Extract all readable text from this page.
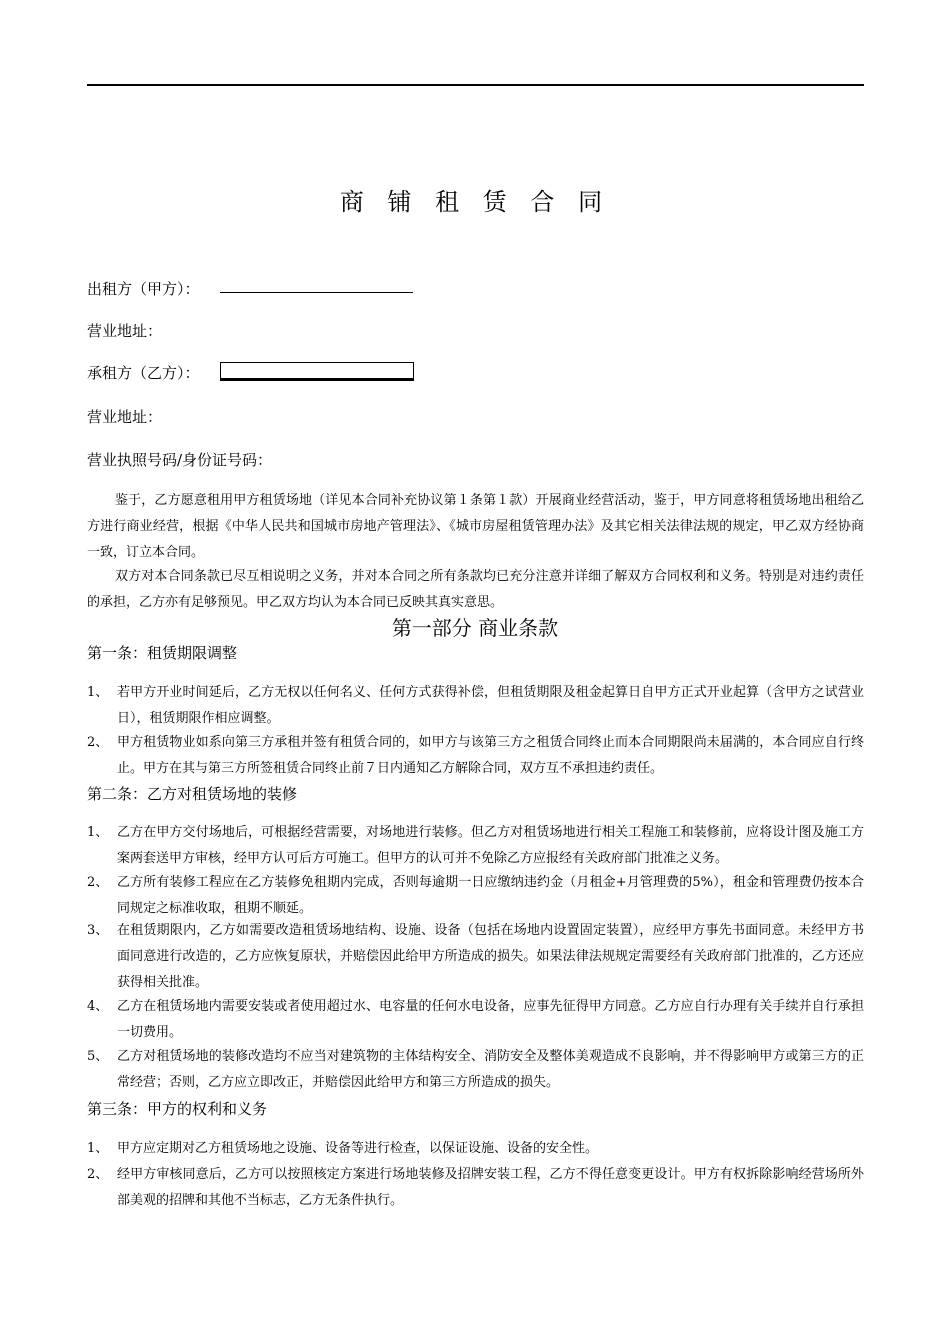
商 铺 租 赁 合 同
出租方（甲方）：
营业地址：
承租方（乙方）：
营业地址：
营业执照号码/身份证号码：

鉴于，乙方愿意租用甲方租赁场地（详见本合同补充协议第１条第１款）开展商业经营活动，鉴于，甲方同意将租赁场地出租给乙方进行商业经营，根据《中华人民共和国城市房地产管理法》、《城市房屋租赁管理办法》及其它相关法律法规的规定，甲乙双方经协商一致，订立本合同。

双方对本合同条款已尽互相说明之义务，并对本合同之所有条款均已充分注意并详细了解双方合同权利和义务。特别是对违约责任的承担，乙方亦有足够预见。甲乙双方均认为本合同已反映其真实意思。

第一部分 商业条款
第一条：租赁期限调整
1、 若甲方开业时间延后，乙方无权以任何名义、任何方式获得补偿，但租赁期限及租金起算日自甲方正式开业起算（含甲方之试营业日），租赁期限作相应调整。
2、 甲方租赁物业如系向第三方承租并签有租赁合同的，如甲方与该第三方之租赁合同终止而本合同期限尚未届满的，本合同应自行终止。甲方在其与第三方所签租赁合同终止前７日内通知乙方解除合同，双方互不承担违约责任。
第二条：乙方对租赁场地的装修
1、 乙方在甲方交付场地后，可根据经营需要，对场地进行装修。但乙方对租赁场地进行相关工程施工和装修前，应将设计图及施工方案两套送甲方审核，经甲方认可后方可施工。但甲方的认可并不免除乙方应报经有关政府部门批准之义务。
2、 乙方所有装修工程应在乙方装修免租期内完成，否则每逾期一日应缴纳违约金（月租金+月管理费的5%），租金和管理费仍按本合同规定之标准收取，租期不顺延。
3、 在租赁期限内，乙方如需要改造租赁场地结构、设施、设备（包括在场地内设置固定装置），应经甲方事先书面同意。未经甲方书面同意进行改造的，乙方应恢复原状，并赔偿因此给甲方所造成的损失。如果法律法规规定需要经有关政府部门批准的，乙方还应获得相关批准。
4、 乙方在租赁场地内需要安装或者使用超过水、电容量的任何水电设备，应事先征得甲方同意。乙方应自行办理有关手续并自行承担一切费用。
5、 乙方对租赁场地的装修改造均不应当对建筑物的主体结构安全、消防安全及整体美观造成不良影响，并不得影响甲方或第三方的正常经营；否则，乙方应立即改正，并赔偿因此给甲方和第三方所造成的损失。
第三条：甲方的权利和义务
1、 甲方应定期对乙方租赁场地之设施、设备等进行检查，以保证设施、设备的安全性。
2、 经甲方审核同意后，乙方可以按照核定方案进行场地装修及招牌安装工程，乙方不得任意变更设计。甲方有权拆除影响经营场所外部美观的招牌和其他不当标志，乙方无条件执行。
